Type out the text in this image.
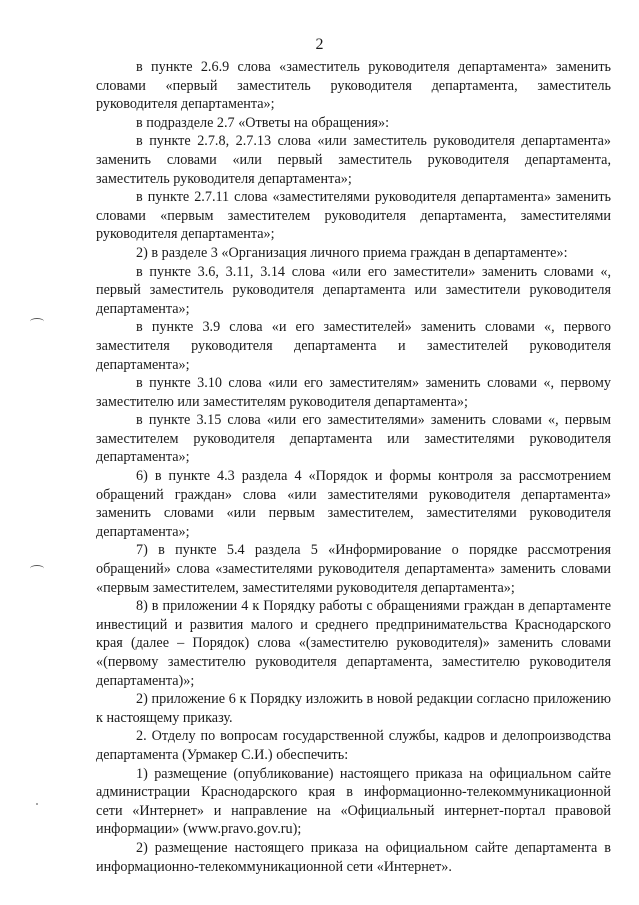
2

в пункте 2.6.9 слова «заместитель руководителя департамента» заменить словами «первый заместитель руководителя департамента, заместитель руководителя департамента»;

в подразделе 2.7 «Ответы на обращения»:

в пункте 2.7.8, 2.7.13 слова «или заместитель руководителя департамента» заменить словами «или первый заместитель руководителя департамента, заместитель руководителя департамента»;

в пункте 2.7.11 слова «заместителями руководителя департамента» заменить словами «первым заместителем руководителя департамента, заместителями руководителя департамента»;

2) в разделе 3 «Организация личного приема граждан в департаменте»:

в пункте 3.6, 3.11, 3.14 слова «или его заместители» заменить словами «, первый заместитель руководителя департамента или заместители руководителя департамента»;

в пункте 3.9 слова «и его заместителей» заменить словами «, первого заместителя руководителя департамента и заместителей руководителя департамента»;

в пункте 3.10 слова «или его заместителям» заменить словами «, первому заместителю или заместителям руководителя департамента»;

в пункте 3.15 слова «или его заместителями» заменить словами «, первым заместителем руководителя департамента или заместителями руководителя департамента»;

6) в пункте 4.3 раздела 4 «Порядок и формы контроля за рассмотрением обращений граждан» слова «или заместителями руководителя департамента» заменить словами «или первым заместителем, заместителями руководителя департамента»;

7) в пункте 5.4 раздела 5 «Информирование о порядке рассмотрения обращений» слова «заместителями руководителя департамента» заменить словами «первым заместителем, заместителями руководителя департамента»;

8) в приложении 4 к Порядку работы с обращениями граждан в департаменте инвестиций и развития малого и среднего предпринимательства Краснодарского края (далее – Порядок) слова «(заместителю руководителя)» заменить словами «(первому заместителю руководителя департамента, заместителю руководителя департамента)»;

2) приложение 6 к Порядку изложить в новой редакции согласно приложению к настоящему приказу.

2. Отделу по вопросам государственной службы, кадров и делопроизводства департамента (Урмакер С.И.) обеспечить:

1) размещение (опубликование) настоящего приказа на официальном сайте администрации Краснодарского края в информационно-телекоммуникационной сети «Интернет» и направление на «Официальный интернет-портал правовой информации» (www.pravo.gov.ru);

2) размещение настоящего приказа на официальном сайте департамента в информационно-телекоммуникационной сети «Интернет».
